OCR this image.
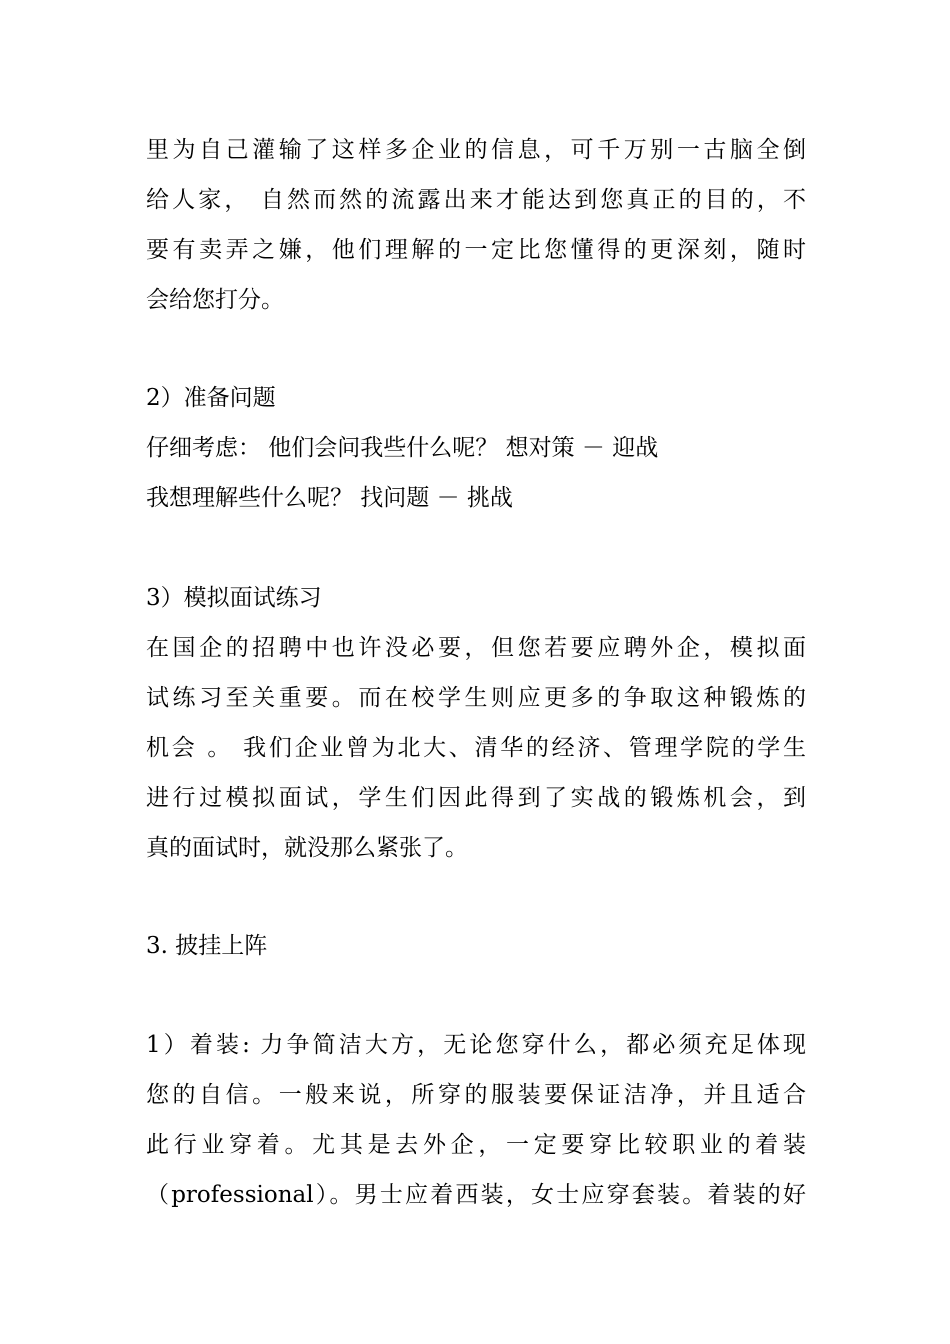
里为自己灌输了这样多企业的信息，可千万别一古脑全倒
给人家， 自然而然的流露出来才能达到您真正的目的，不
要有卖弄之嫌，他们理解的一定比您懂得的更深刻，随时
会给您打分。
2）准备问题
仔细考虑： 他们会问我些什么呢？ 想对策 － 迎战
我想理解些什么呢？ 找问题 － 挑战
3）模拟面试练习
在国企的招聘中也许没必要，但您若要应聘外企，模拟面
试练习至关重要。而在校学生则应更多的争取这种锻炼的
机会 。 我们企业曾为北大、清华的经济、管理学院的学生
进行过模拟面试，学生们因此得到了实战的锻炼机会，到
真的面试时，就没那么紧张了。
3. 披挂上阵
1）着装: 力争简洁大方，无论您穿什么，都必须充足体现
您的自信。一般来说，所穿的服装要保证洁净，并且适合
此行业穿着。尤其是去外企，一定要穿比较职业的着装
（professional）。男士应着西装，女士应穿套装。着装的好
